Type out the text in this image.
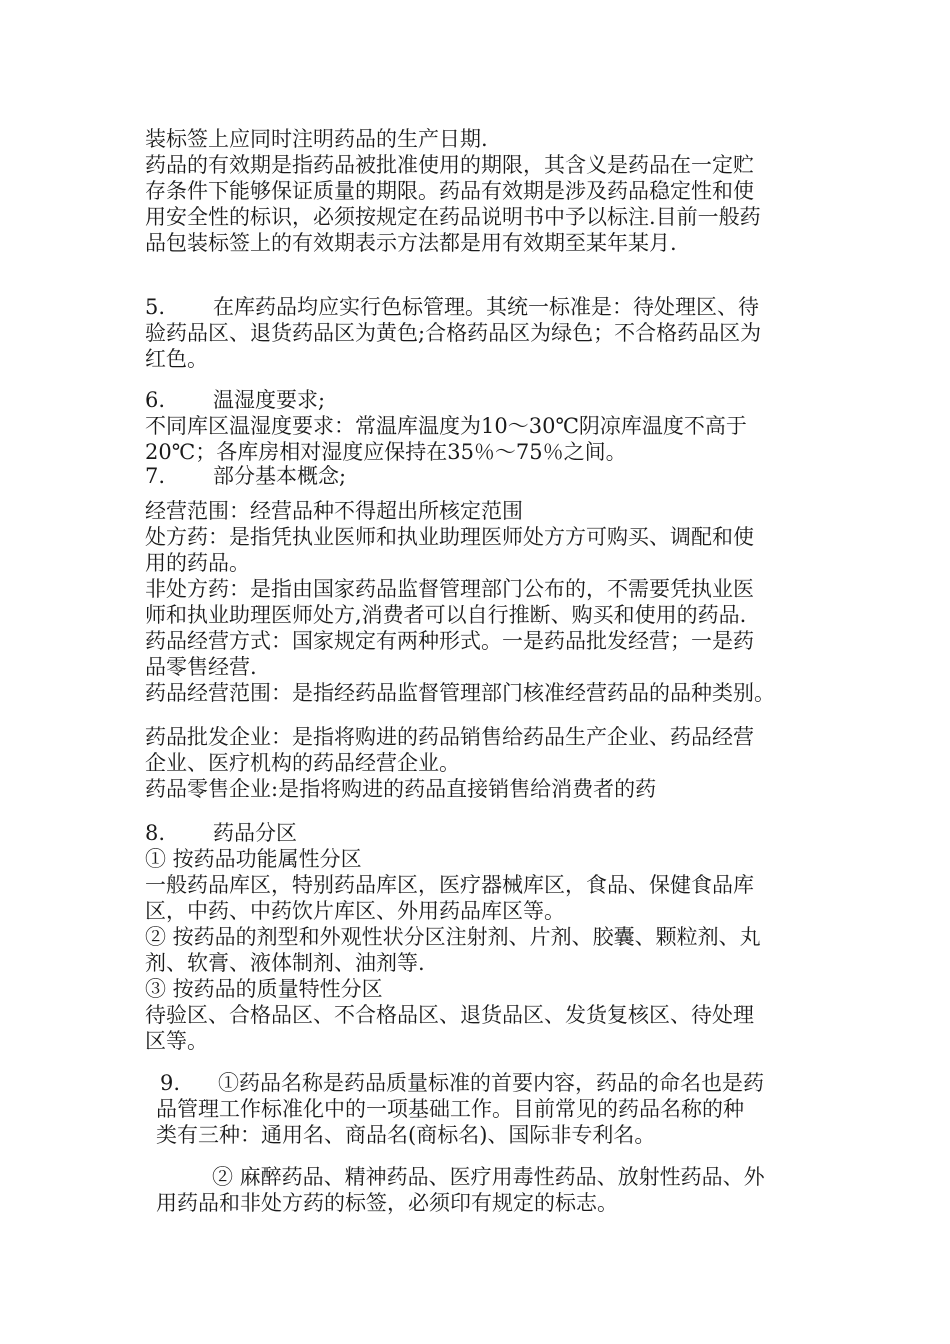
装标签上应同时注明药品的生产日期.
药品的有效期是指药品被批准使用的期限，其含义是药品在一定贮
存条件下能够保证质量的期限。药品有效期是涉及药品稳定性和使
用安全性的标识，必须按规定在药品说明书中予以标注.目前一般药
品包装标签上的有效期表示方法都是用有效期至某年某月.
5. 在库药品均应实行色标管理。其统一标准是：待处理区、待
验药品区、退货药品区为黄色;合格药品区为绿色；不合格药品区为
红色。
6. 温湿度要求;
不同库区温湿度要求：常温库温度为10～30℃阴凉库温度不高于
20℃；各库房相对湿度应保持在35％～75％之间。
7. 部分基本概念;
经营范围：经营品种不得超出所核定范围
处方药：是指凭执业医师和执业助理医师处方方可购买、调配和使
用的药品。
非处方药：是指由国家药品监督管理部门公布的，不需要凭执业医
师和执业助理医师处方,消费者可以自行推断、购买和使用的药品.
药品经营方式：国家规定有两种形式。一是药品批发经营；一是药
品零售经营.
药品经营范围：是指经药品监督管理部门核准经营药品的品种类别。
药品批发企业：是指将购进的药品销售给药品生产企业、药品经营
企业、医疗机构的药品经营企业。
药品零售企业:是指将购进的药品直接销售给消费者的药
8. 药品分区
① 按药品功能属性分区
一般药品库区，特别药品库区，医疗器械库区，食品、保健食品库
区，中药、中药饮片库区、外用药品库区等。
② 按药品的剂型和外观性状分区注射剂、片剂、胶囊、颗粒剂、丸
剂、软膏、液体制剂、油剂等.
③ 按药品的质量特性分区
待验区、合格品区、不合格品区、退货品区、发货复核区、待处理
区等。
9. ①药品名称是药品质量标准的首要内容，药品的命名也是药
品管理工作标准化中的一项基础工作。目前常见的药品名称的种
类有三种：通用名、商品名(商标名)、国际非专利名。
② 麻醉药品、精神药品、医疗用毒性药品、放射性药品、外
用药品和非处方药的标签，必须印有规定的标志。
